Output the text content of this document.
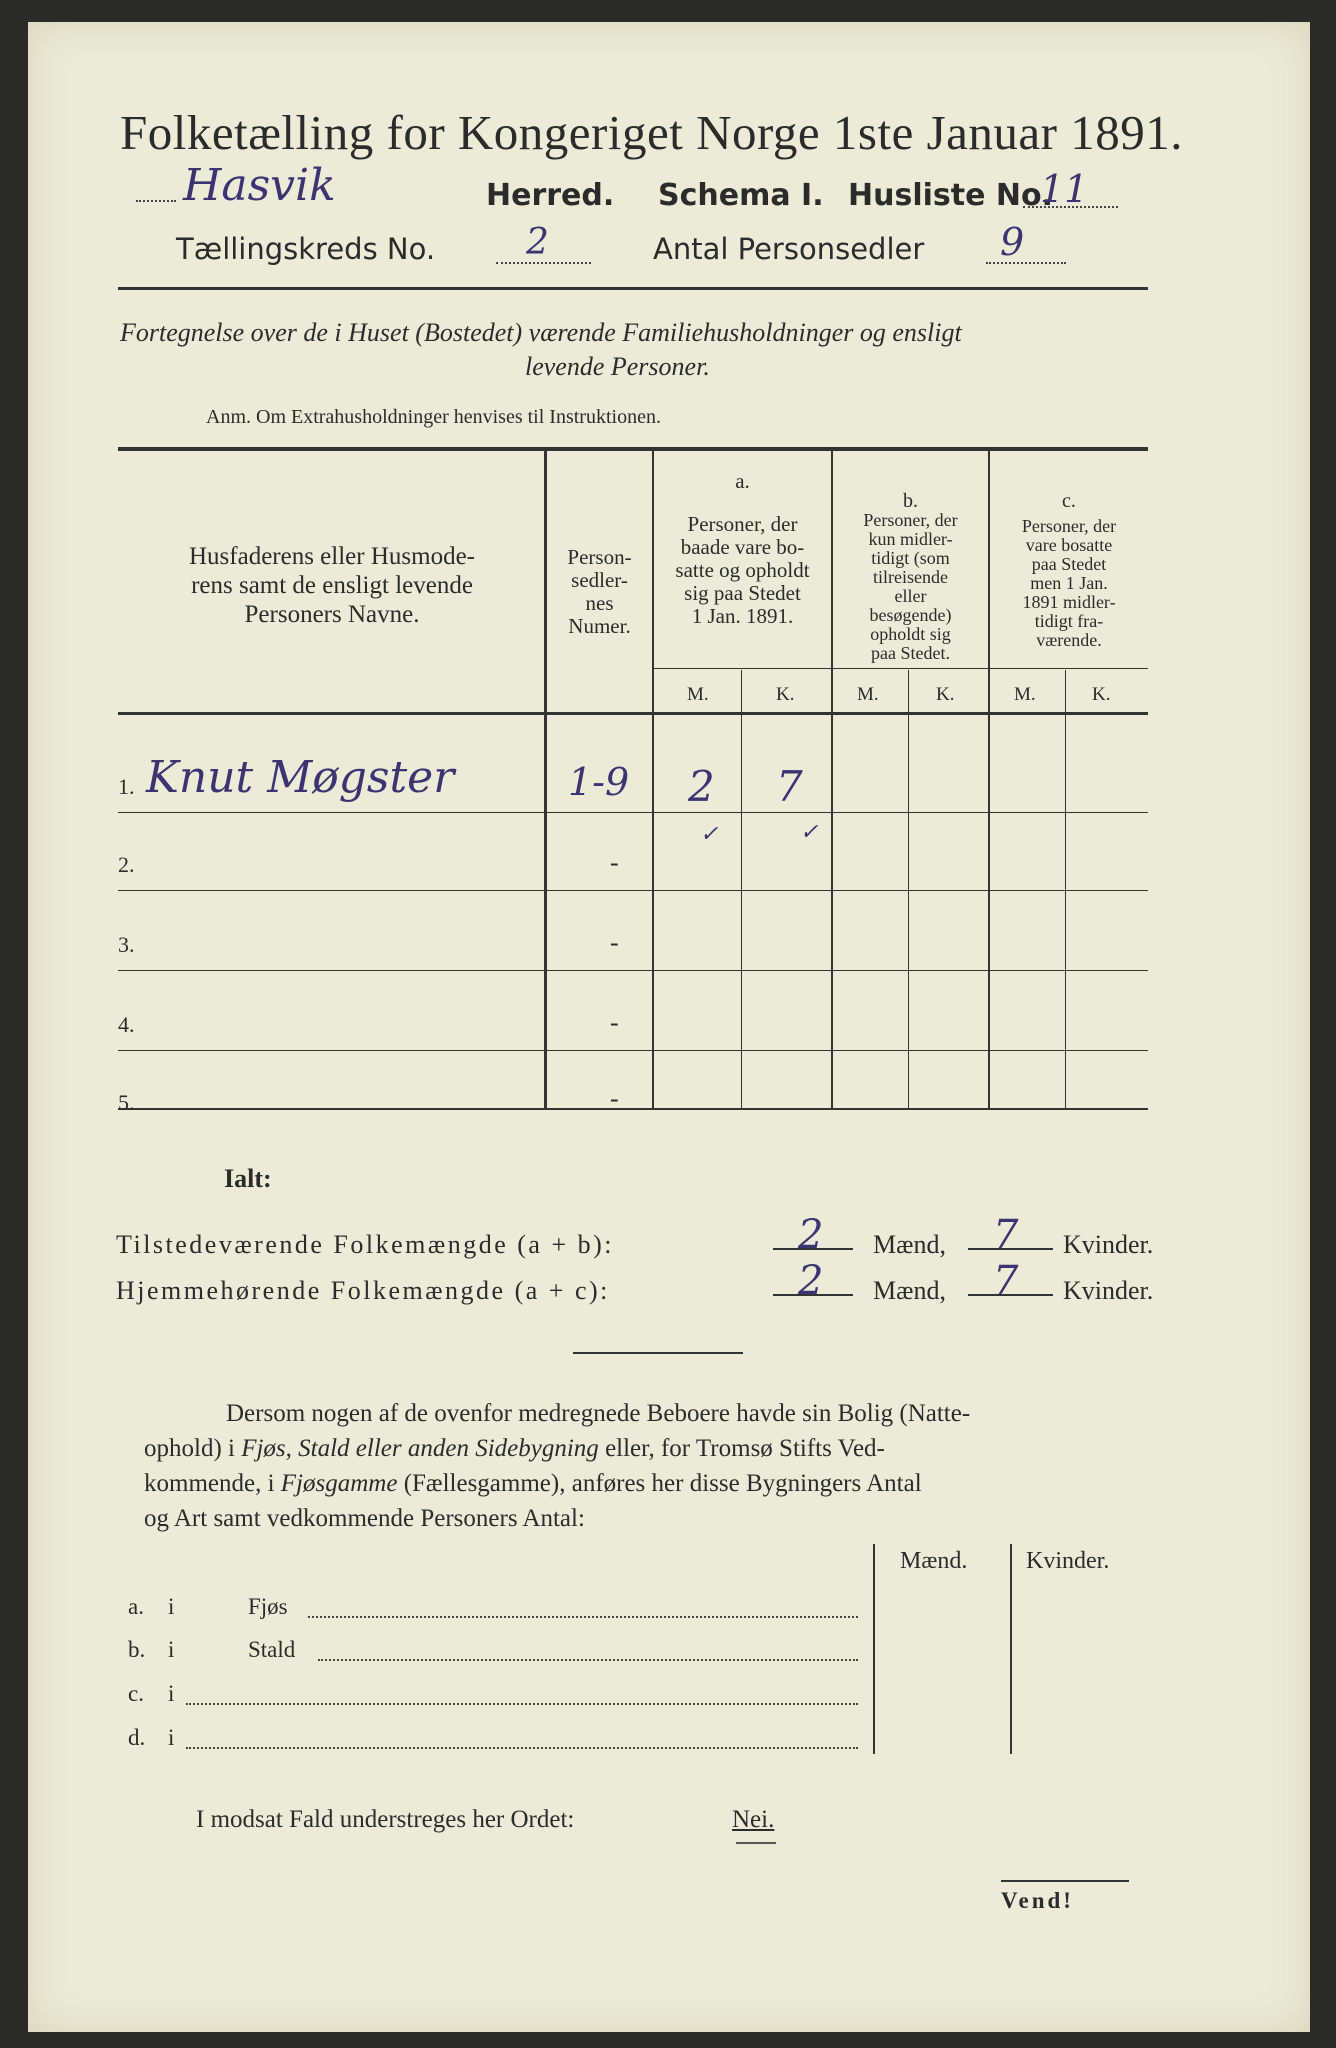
Folketælling for Kongeriget Norge 1ste Januar 1891.
Hasvik	Herred. Schema I. Husliste No.
11
Tællingskreds No.	2	Antal Personsedler 9
Fortegnelse over de i Huset (Bostedet) værende Familiehusholdninger og ensligt
levende Personer.
Anm. Om Extrahusholdninger henvises til Instruktionen.
Husfaderens eller Husmode-
rens samt de ensligt levende
Personers Navne.
Person-
sedler-
nes
Numer.
a.
Personer, der
baade vare bo-
satte og opholdt
sig paa Stedet
1 Jan. 1891.
b.
Personer, der
kun midler-
tidigt (som
tilreisende
eller
besøgende)
opholdt sig
paa Stedet.
c.
Personer, der
vare bosatte
paa Stedet
men 1 Jan.
1891 midler-
tidigt fra-
værende.
M.	K.	M.	K.	M.	K.
1. Knut Møgster	1-9 2 7
✓	✓
2.	-
3.	-
4.	-
5.	-
Ialt:
Tilstedeværende Folkemængde (a + b):	2 Mænd, 7 Kvinder.
Hjemmehørende Folkemængde (a + c):	2 Mænd, 7 Kvinder.
Dersom nogen af de ovenfor medregnede Beboere havde sin Bolig (Natte-
ophold) i Fjøs, Stald eller anden Sidebygning eller, for Tromsø Stifts Ved-
kommende, i Fjøsgamme (Fællesgamme), anføres her disse Bygningers Antal
og Art samt vedkommende Personers Antal:
Mænd. Kvinder.
a. i	Fjøs
b. i	Stald
c. i
d. i
I modsat Fald understreges her Ordet:	Nei.
Vend!
